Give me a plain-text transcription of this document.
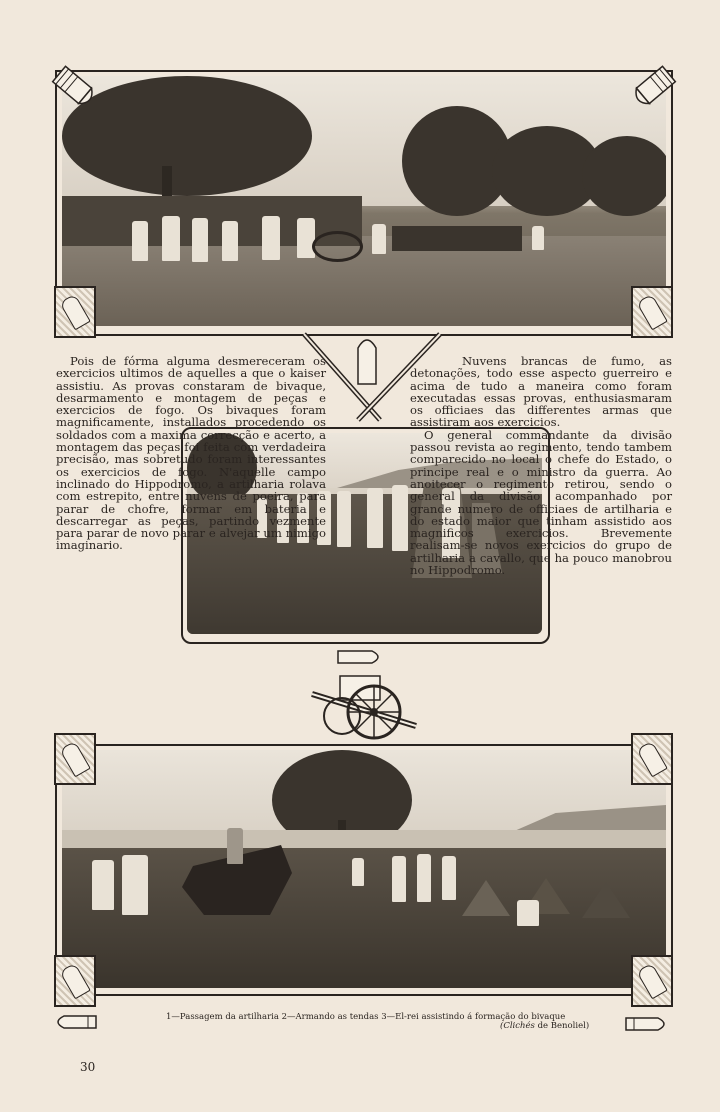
Pois de fórma alguma desmereceram os exercicios ultimos de aquelles a que o kaiser assistiu. As provas constaram de bivaque, desarmamento e montagem de peças e exercicios de fogo. Os bivaques foram magnificamente, installados procedendo os soldados com a maxima correcção e acerto, a montagem das peças foi feita com verdadeira precisão, mas sobretudo foram interessantes os exercicios de fogo. N'aquelle campo inclinado do Hippodromo, a artilharia rolava com estrepito, entre nuvens de poeira, para parar de chofre, formar em bateria e descarregar as peças, partindo vezmente para parar de novo parar e alvejar um nimigo imaginario.

Nuvens brancas de fumo, as detonações, todo esse aspecto guerreiro e acima de tudo a maneira como foram executadas essas provas, enthusiasmaram os officiaes das differentes armas que assistiram aos exercicios.

O general commandante da divisão passou revista ao regimento, tendo tambem comparecido no local o chefe do Estado, o principe real e o ministro da guerra. Ao anoitecer o regimento retirou, sendo o general da divisão acompanhado por grande numero de officiaes de artilharia e do estado maior que tinham assistido aos magnificos exercicios. Brevemente realisam-se novos exercicios do grupo de artilharia a cavallo, que ha pouco manobrou no Hippodromo.

1—Passagem da artilharia 2—Armando as tendas 3—El-rei assistindo á formação do bivaque
(Clichés de Benoliel)
30
